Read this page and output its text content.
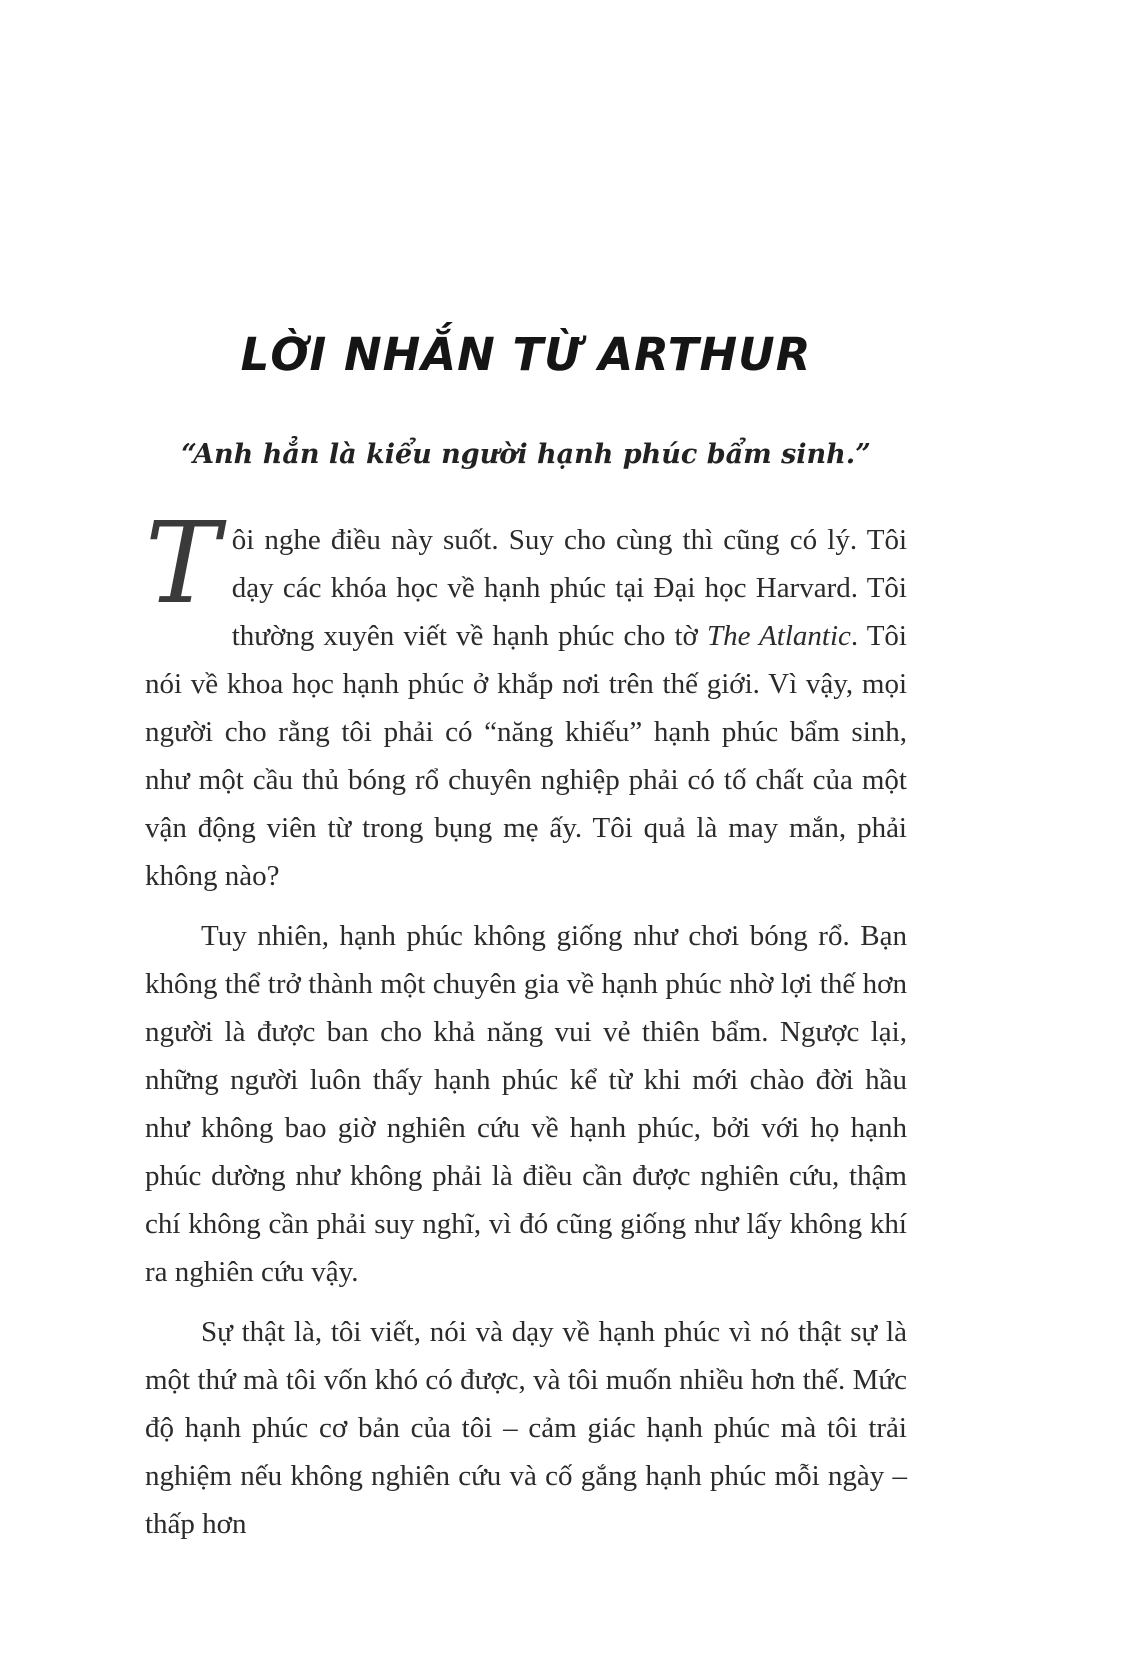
LỜI NHẮN TỪ ARTHUR
“Anh hẳn là kiểu người hạnh phúc bẩm sinh.”

Tôi nghe điều này suốt. Suy cho cùng thì cũng có lý. Tôi dạy các khóa học về hạnh phúc tại Đại học Harvard. Tôi thường xuyên viết về hạnh phúc cho tờ The Atlantic. Tôi nói về khoa học hạnh phúc ở khắp nơi trên thế giới. Vì vậy, mọi người cho rằng tôi phải có “năng khiếu” hạnh phúc bẩm sinh, như một cầu thủ bóng rổ chuyên nghiệp phải có tố chất của một vận động viên từ trong bụng mẹ ấy. Tôi quả là may mắn, phải không nào?

Tuy nhiên, hạnh phúc không giống như chơi bóng rổ. Bạn không thể trở thành một chuyên gia về hạnh phúc nhờ lợi thế hơn người là được ban cho khả năng vui vẻ thiên bẩm. Ngược lại, những người luôn thấy hạnh phúc kể từ khi mới chào đời hầu như không bao giờ nghiên cứu về hạnh phúc, bởi với họ hạnh phúc dường như không phải là điều cần được nghiên cứu, thậm chí không cần phải suy nghĩ, vì đó cũng giống như lấy không khí ra nghiên cứu vậy.

Sự thật là, tôi viết, nói và dạy về hạnh phúc vì nó thật sự là một thứ mà tôi vốn khó có được, và tôi muốn nhiều hơn thế. Mức độ hạnh phúc cơ bản của tôi – cảm giác hạnh phúc mà tôi trải nghiệm nếu không nghiên cứu và cố gắng hạnh phúc mỗi ngày – thấp hơn
